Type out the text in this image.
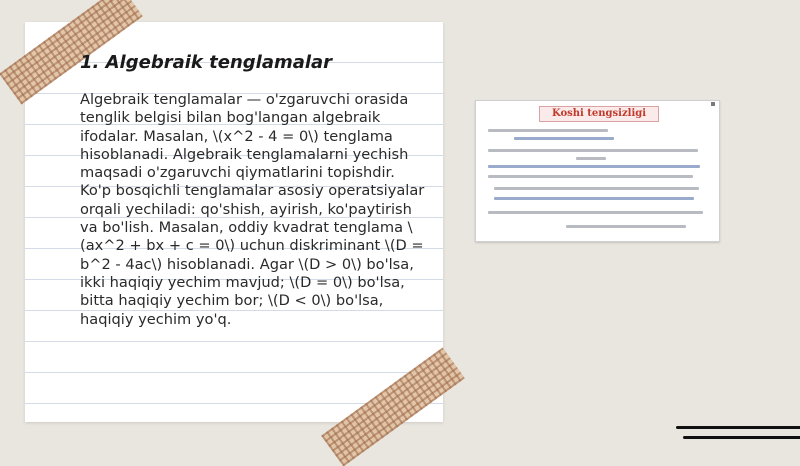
1. Algebraik tenglamalar

Algebraik tenglamalar — o'zgaruvchi orasida tenglik belgisi bilan bog'langan algebraik ifodalar. Masalan, \(x^2 - 4 = 0\) tenglama hisoblanadi. Algebraik tenglamalarni yechish maqsadi o'zgaruvchi qiymatlarini topishdir. Ko'p bosqichli tenglamalar asosiy operatsiyalar orqali yechiladi: qo'shish, ayirish, ko'paytirish va bo'lish. Masalan, oddiy kvadrat tenglama \(ax^2 + bx + c = 0\) uchun diskriminant \(D = b^2 - 4ac\) hisoblanadi. Agar \(D > 0\) bo'lsa, ikki haqiqiy yechim mavjud; \(D = 0\) bo'lsa, bitta haqiqiy yechim bor; \(D < 0\) bo'lsa, haqiqiy yechim yo'q.

Koshi tengsizligi
